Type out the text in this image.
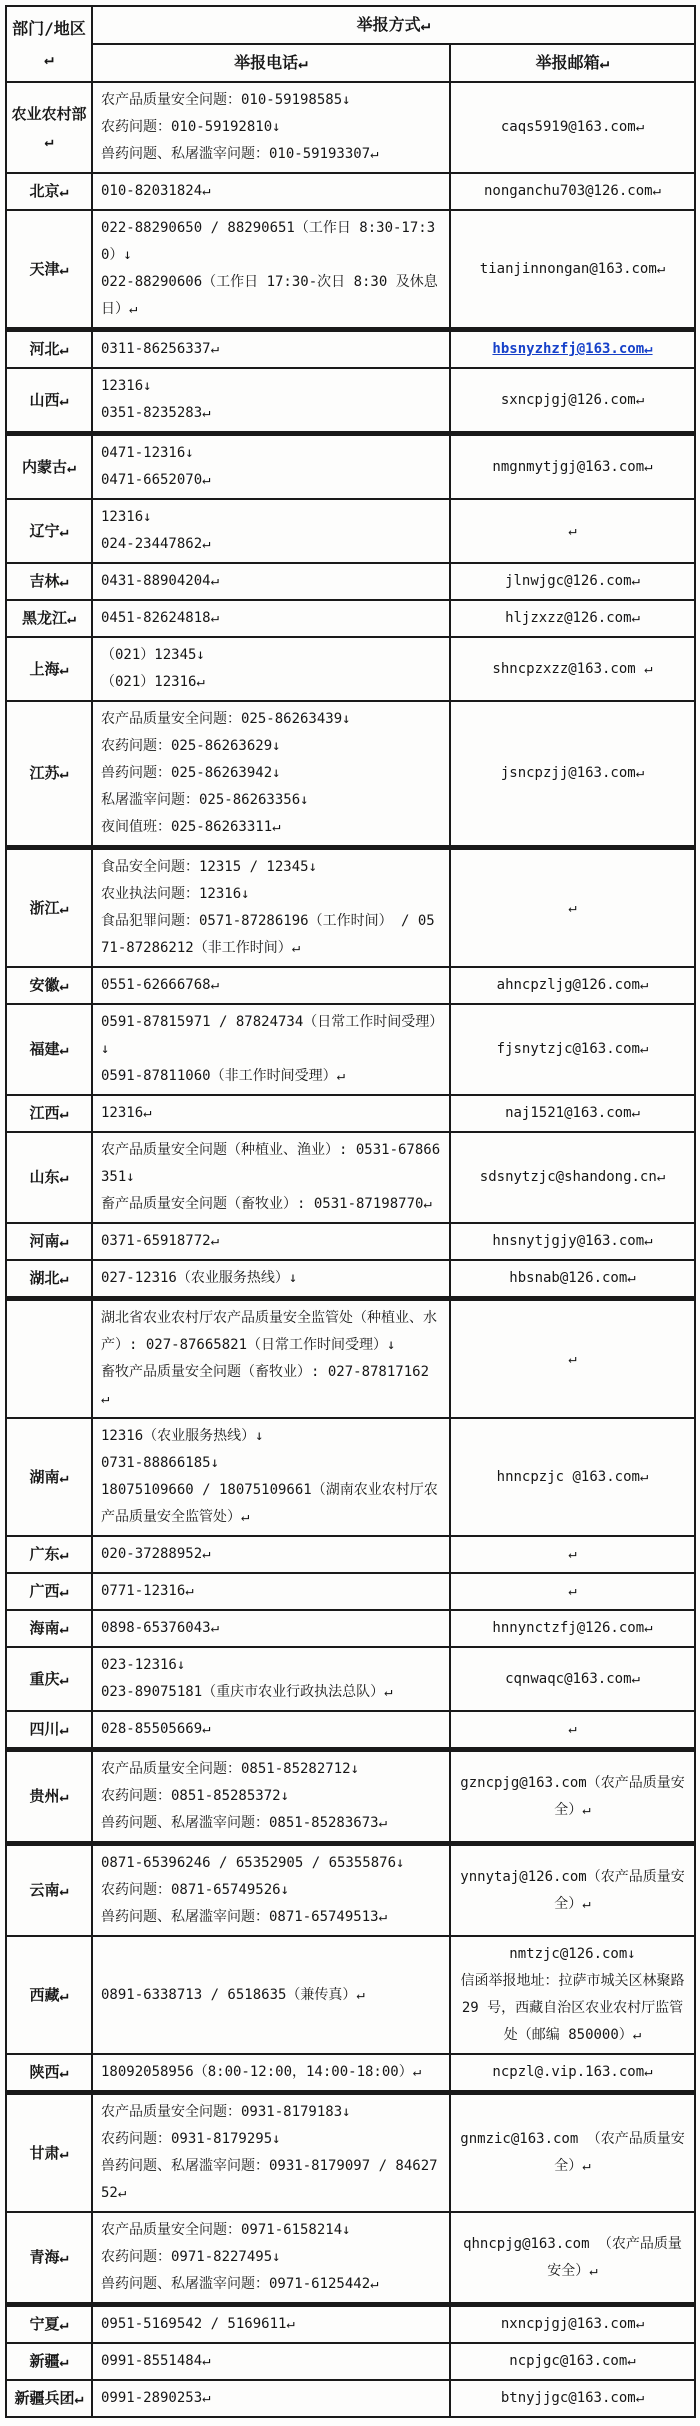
部门/地区↵	举报方式↵	
	举报电话↵	举报邮箱↵
农业农村部↵	农产品质量安全问题：010-59198585↓
农药问题：010-59192810↓
兽药问题、私屠滥宰问题：010-59193307↵	caqs5919@163.com↵

北京↵	010-82031824↵	nonganchu703@126.com↵

天津↵	022-88290650 / 88290651（工作日 8:30-17:30）↓
022-88290606（工作日 17:30-次日 8:30 及休息日）↵	tianjinnongan@163.com↵

河北↵	0311-86256337↵	hbsnyzhzfj@163.com↵

山西↵	12316↓
0351-8235283↵	sxncpjgj@126.com↵

内蒙古↵	0471-12316↓
0471-6652070↵	nmgnmytjgj@163.com↵

辽宁↵	12316↓
024-23447862↵	↵

吉林↵	0431-88904204↵	jlnwjgc@126.com↵

黑龙江↵	0451-82624818↵	hljzxzz@126.com↵

上海↵	（021）12345↓
（021）12316↵	shncpzxzz@163.com ↵

江苏↵	农产品质量安全问题：025-86263439↓
农药问题：025-86263629↓
兽药问题：025-86263942↓
私屠滥宰问题：025-86263356↓
夜间值班：025-86263311↵	jsncpzjj@163.com↵

浙江↵	食品安全问题：12315 / 12345↓
农业执法问题：12316↓
食品犯罪问题：0571-87286196（工作时间） / 0571-87286212（非工作时间）↵	↵

安徽↵	0551-62666768↵	ahncpzljg@126.com↵

福建↵	0591-87815971 / 87824734（日常工作时间受理）↓
0591-87811060（非工作时间受理）↵	fjsnytzjc@163.com↵

江西↵	12316↵	naj1521@163.com↵

山东↵	农产品质量安全问题（种植业、渔业）: 0531-67866351↓
畜产品质量安全问题（畜牧业）: 0531-87198770↵	sdsnytzjc@shandong.cn↵

河南↵	0371-65918772↵	hnsnytjgjy@163.com↵

湖北↵	027-12316（农业服务热线）↓	hbsnab@126.com↵

	湖北省农业农村厅农产品质量安全监管处（种植业、水产）: 027-87665821（日常工作时间受理）↓
畜牧产品质量安全问题（畜牧业）: 027-87817162 ↵	↵

湖南↵	12316（农业服务热线）↓
0731-88866185↓
18075109660 / 18075109661（湖南农业农村厅农产品质量安全监管处）↵	hnncpzjc @163.com↵

广东↵	020-37288952↵	↵

广西↵	0771-12316↵	↵

海南↵	0898-65376043↵	hnnynctzfj@126.com↵

重庆↵	023-12316↓
023-89075181（重庆市农业行政执法总队）↵	cqnwaqc@163.com↵

四川↵	028-85505669↵	↵

贵州↵	农产品质量安全问题：0851-85282712↓
农药问题：0851-85285372↓
兽药问题、私屠滥宰问题：0851-85283673↵	gzncpjg@163.com（农产品质量安全）↵

云南↵	0871-65396246 / 65352905 / 65355876↓
农药问题：0871-65749526↓
兽药问题、私屠滥宰问题：0871-65749513↵	ynnytaj@126.com（农产品质量安全）↵

西藏↵	0891-6338713 / 6518635（兼传真）↵	nmtzjc@126.com↓
信函举报地址：拉萨市城关区林聚路 29 号，西藏自治区农业农村厅监管处（邮编 850000）↵

陕西↵	18092058956（8:00-12:00，14:00-18:00）↵	ncpzl@.vip.163.com↵

甘肃↵	农产品质量安全问题：0931-8179183↓
农药问题：0931-8179295↓
兽药问题、私屠滥宰问题：0931-8179097 / 8462752↵	gnmzic@163.com （农产品质量安全）↵

青海↵	农产品质量安全问题：0971-6158214↓
农药问题：0971-8227495↓
兽药问题、私屠滥宰问题：0971-6125442↵	qhncpjg@163.com （农产品质量安全）↵

宁夏↵	0951-5169542 / 5169611↵	nxncpjgj@163.com↵

新疆↵	0991-8551484↵	ncpjgc@163.com↵

新疆兵团↵	0991-2890253↵	btnyjjgc@163.com↵
